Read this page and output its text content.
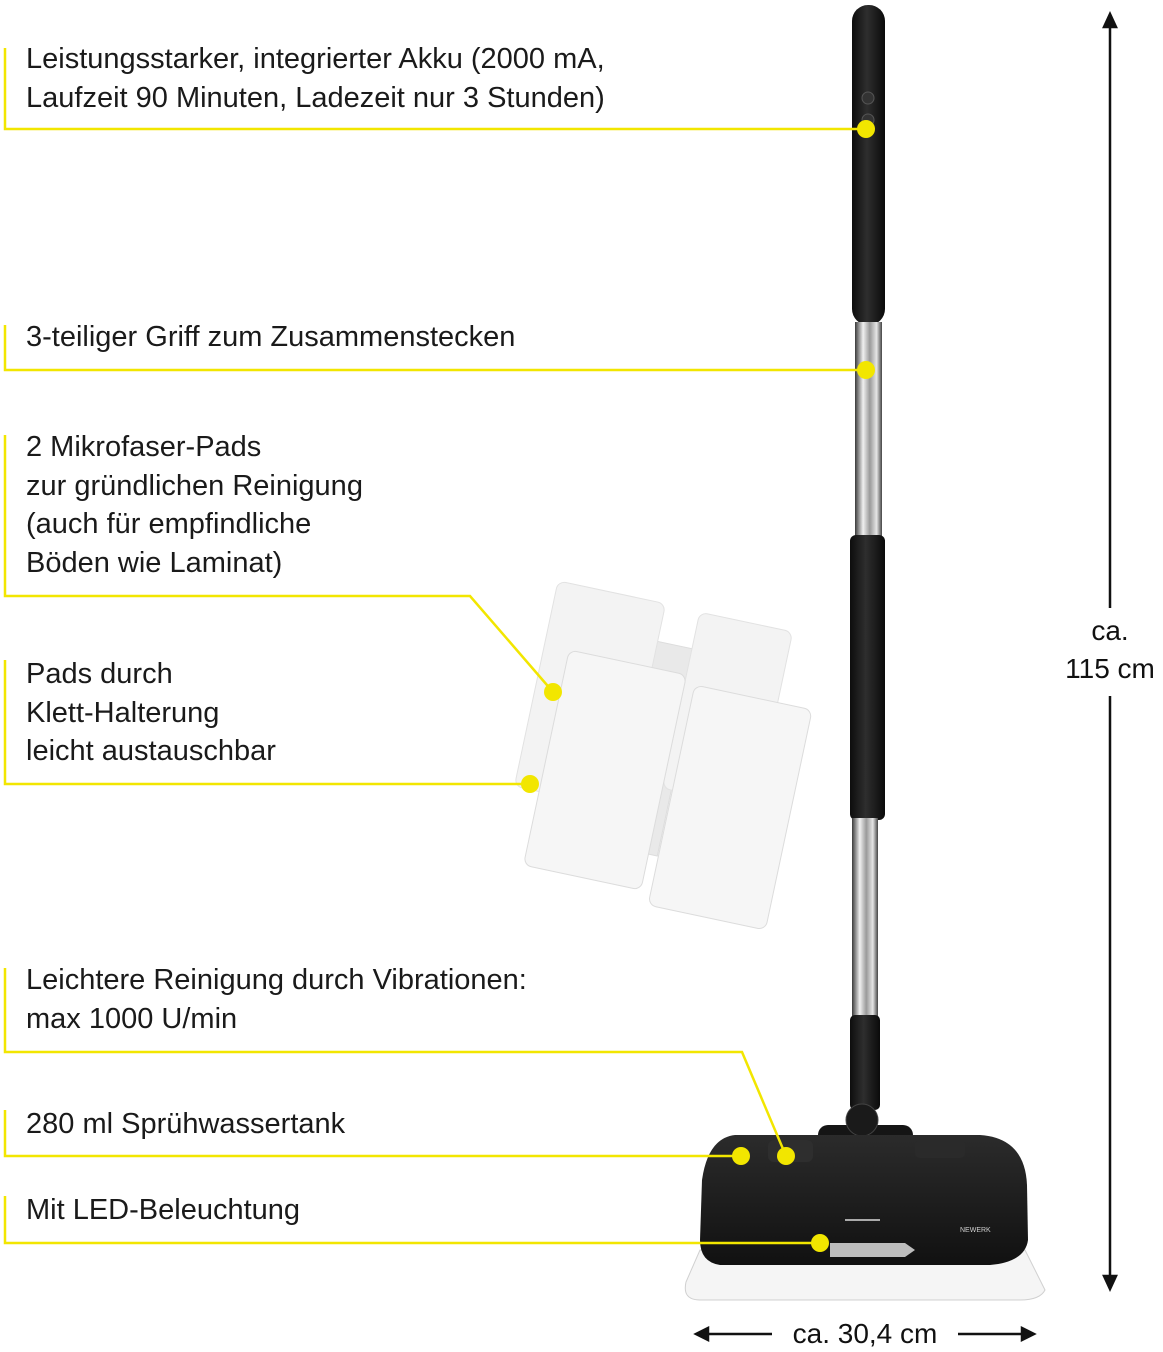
NEWERK
Leistungsstarker, integrierter Akku (2000 mA,
Laufzeit 90 Minuten, Ladezeit nur 3 Stunden)
3-teiliger Griff zum Zusammenstecken
2 Mikrofaser-Pads
zur gründlichen Reinigung
(auch für empfindliche
Böden wie Laminat)
Pads durch
Klett-Halterung
leicht austauschbar
Leichtere Reinigung durch Vibrationen:
max 1000 U/min
280 ml Sprühwassertank
Mit LED-Beleuchtung
ca.
115 cm
ca. 30,4 cm
